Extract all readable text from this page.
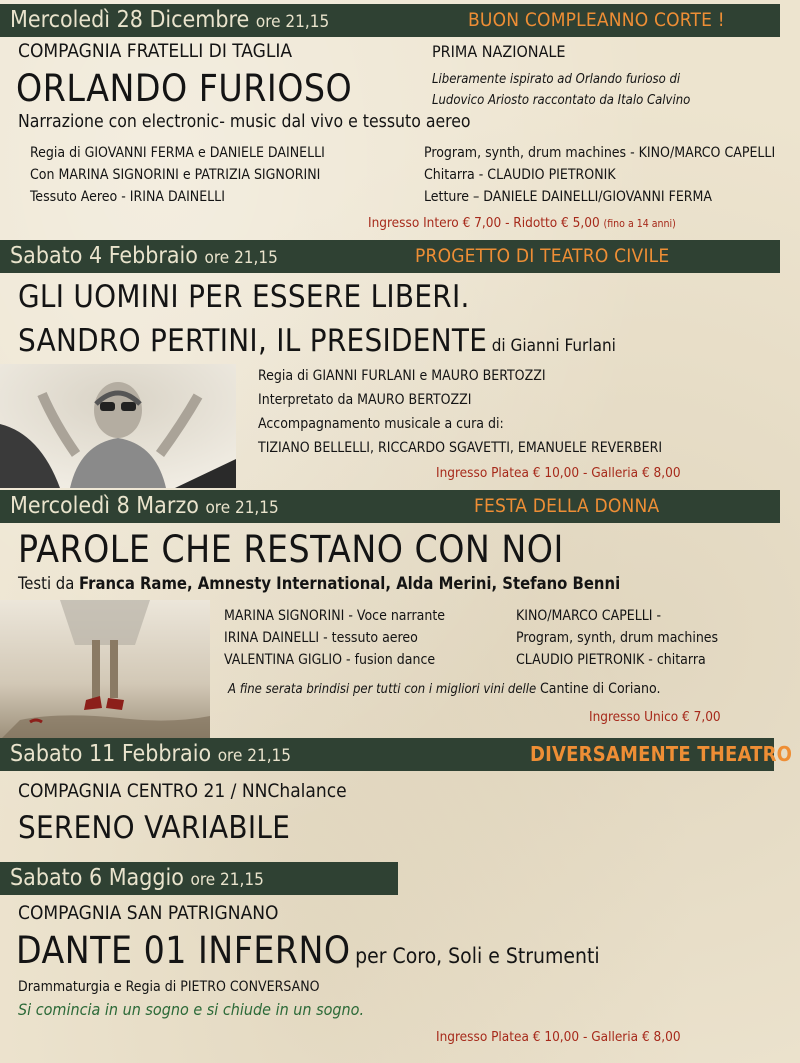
Mercoledì 28 Dicembre ore 21,15	BUON COMPLEANNO CORTE !
COMPAGNIA FRATELLI DI TAGLIA	PRIMA NAZIONALE
ORLANDO FURIOSO	Liberamente ispirato ad Orlando furioso di
Ludovico Ariosto raccontato da Italo Calvino
Narrazione con electronic- music dal vivo e tessuto aereo
Regia di GIOVANNI FERMA e DANIELE DAINELLI
Con MARINA SIGNORINI e PATRIZIA SIGNORINI
Tessuto Aereo - IRINA DAINELLI
Program, synth, drum machines - KINO/MARCO CAPELLI
Chitarra - CLAUDIO PIETRONIK
Letture – DANIELE DAINELLI/GIOVANNI FERMA
Ingresso Intero € 7,00 - Ridotto € 5,00 (fino a 14 anni)
Sabato 4 Febbraio ore 21,15	PROGETTO DI TEATRO CIVILE
GLI UOMINI PER ESSERE LIBERI.
SANDRO PERTINI, IL PRESIDENTE di Gianni Furlani
Regia di GIANNI FURLANI e MAURO BERTOZZI
Interpretato da MAURO BERTOZZI
Accompagnamento musicale a cura di:
TIZIANO BELLELLI, RICCARDO SGAVETTI, EMANUELE REVERBERI
Ingresso Platea € 10,00 - Galleria € 8,00
Mercoledì 8 Marzo ore 21,15	FESTA DELLA DONNA
PAROLE CHE RESTANO CON NOI
Testi da Franca Rame, Amnesty International, Alda Merini, Stefano Benni
MARINA SIGNORINI - Voce narrante
IRINA DAINELLI - tessuto aereo
VALENTINA GIGLIO - fusion dance
KINO/MARCO CAPELLI -
Program, synth, drum machines
CLAUDIO PIETRONIK - chitarra
A fine serata brindisi per tutti con i migliori vini delle Cantine di Coriano.
Ingresso Unico € 7,00
Sabato 11 Febbraio ore 21,15	DIVERSAMENTE THEATRO
COMPAGNIA CENTRO 21 / NNChalance
SERENO VARIABILE
Sabato 6 Maggio ore 21,15
COMPAGNIA SAN PATRIGNANO
DANTE 01 INFERNO per Coro, Soli e Strumenti
Drammaturgia e Regia di PIETRO CONVERSANO
Si comincia in un sogno e si chiude in un sogno.
Ingresso Platea € 10,00 - Galleria € 8,00
